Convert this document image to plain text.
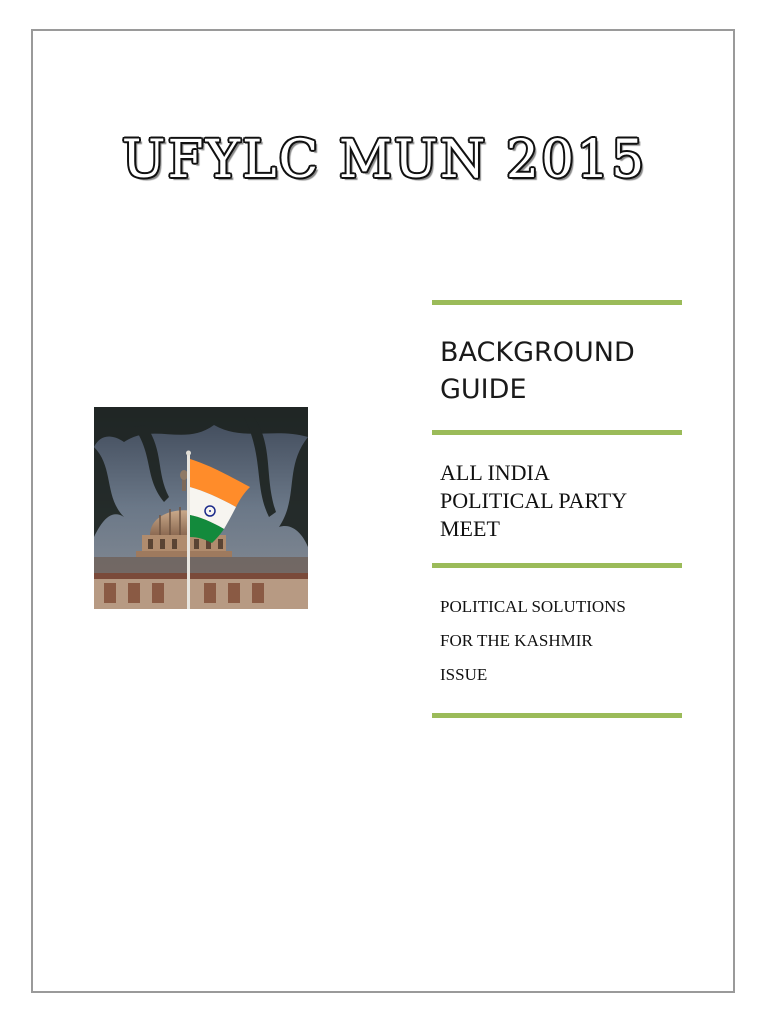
UFYLC MUN 2015
BACKGROUND
GUIDE
ALL INDIA
POLITICAL PARTY
MEET
POLITICAL SOLUTIONS
FOR THE KASHMIR
ISSUE
